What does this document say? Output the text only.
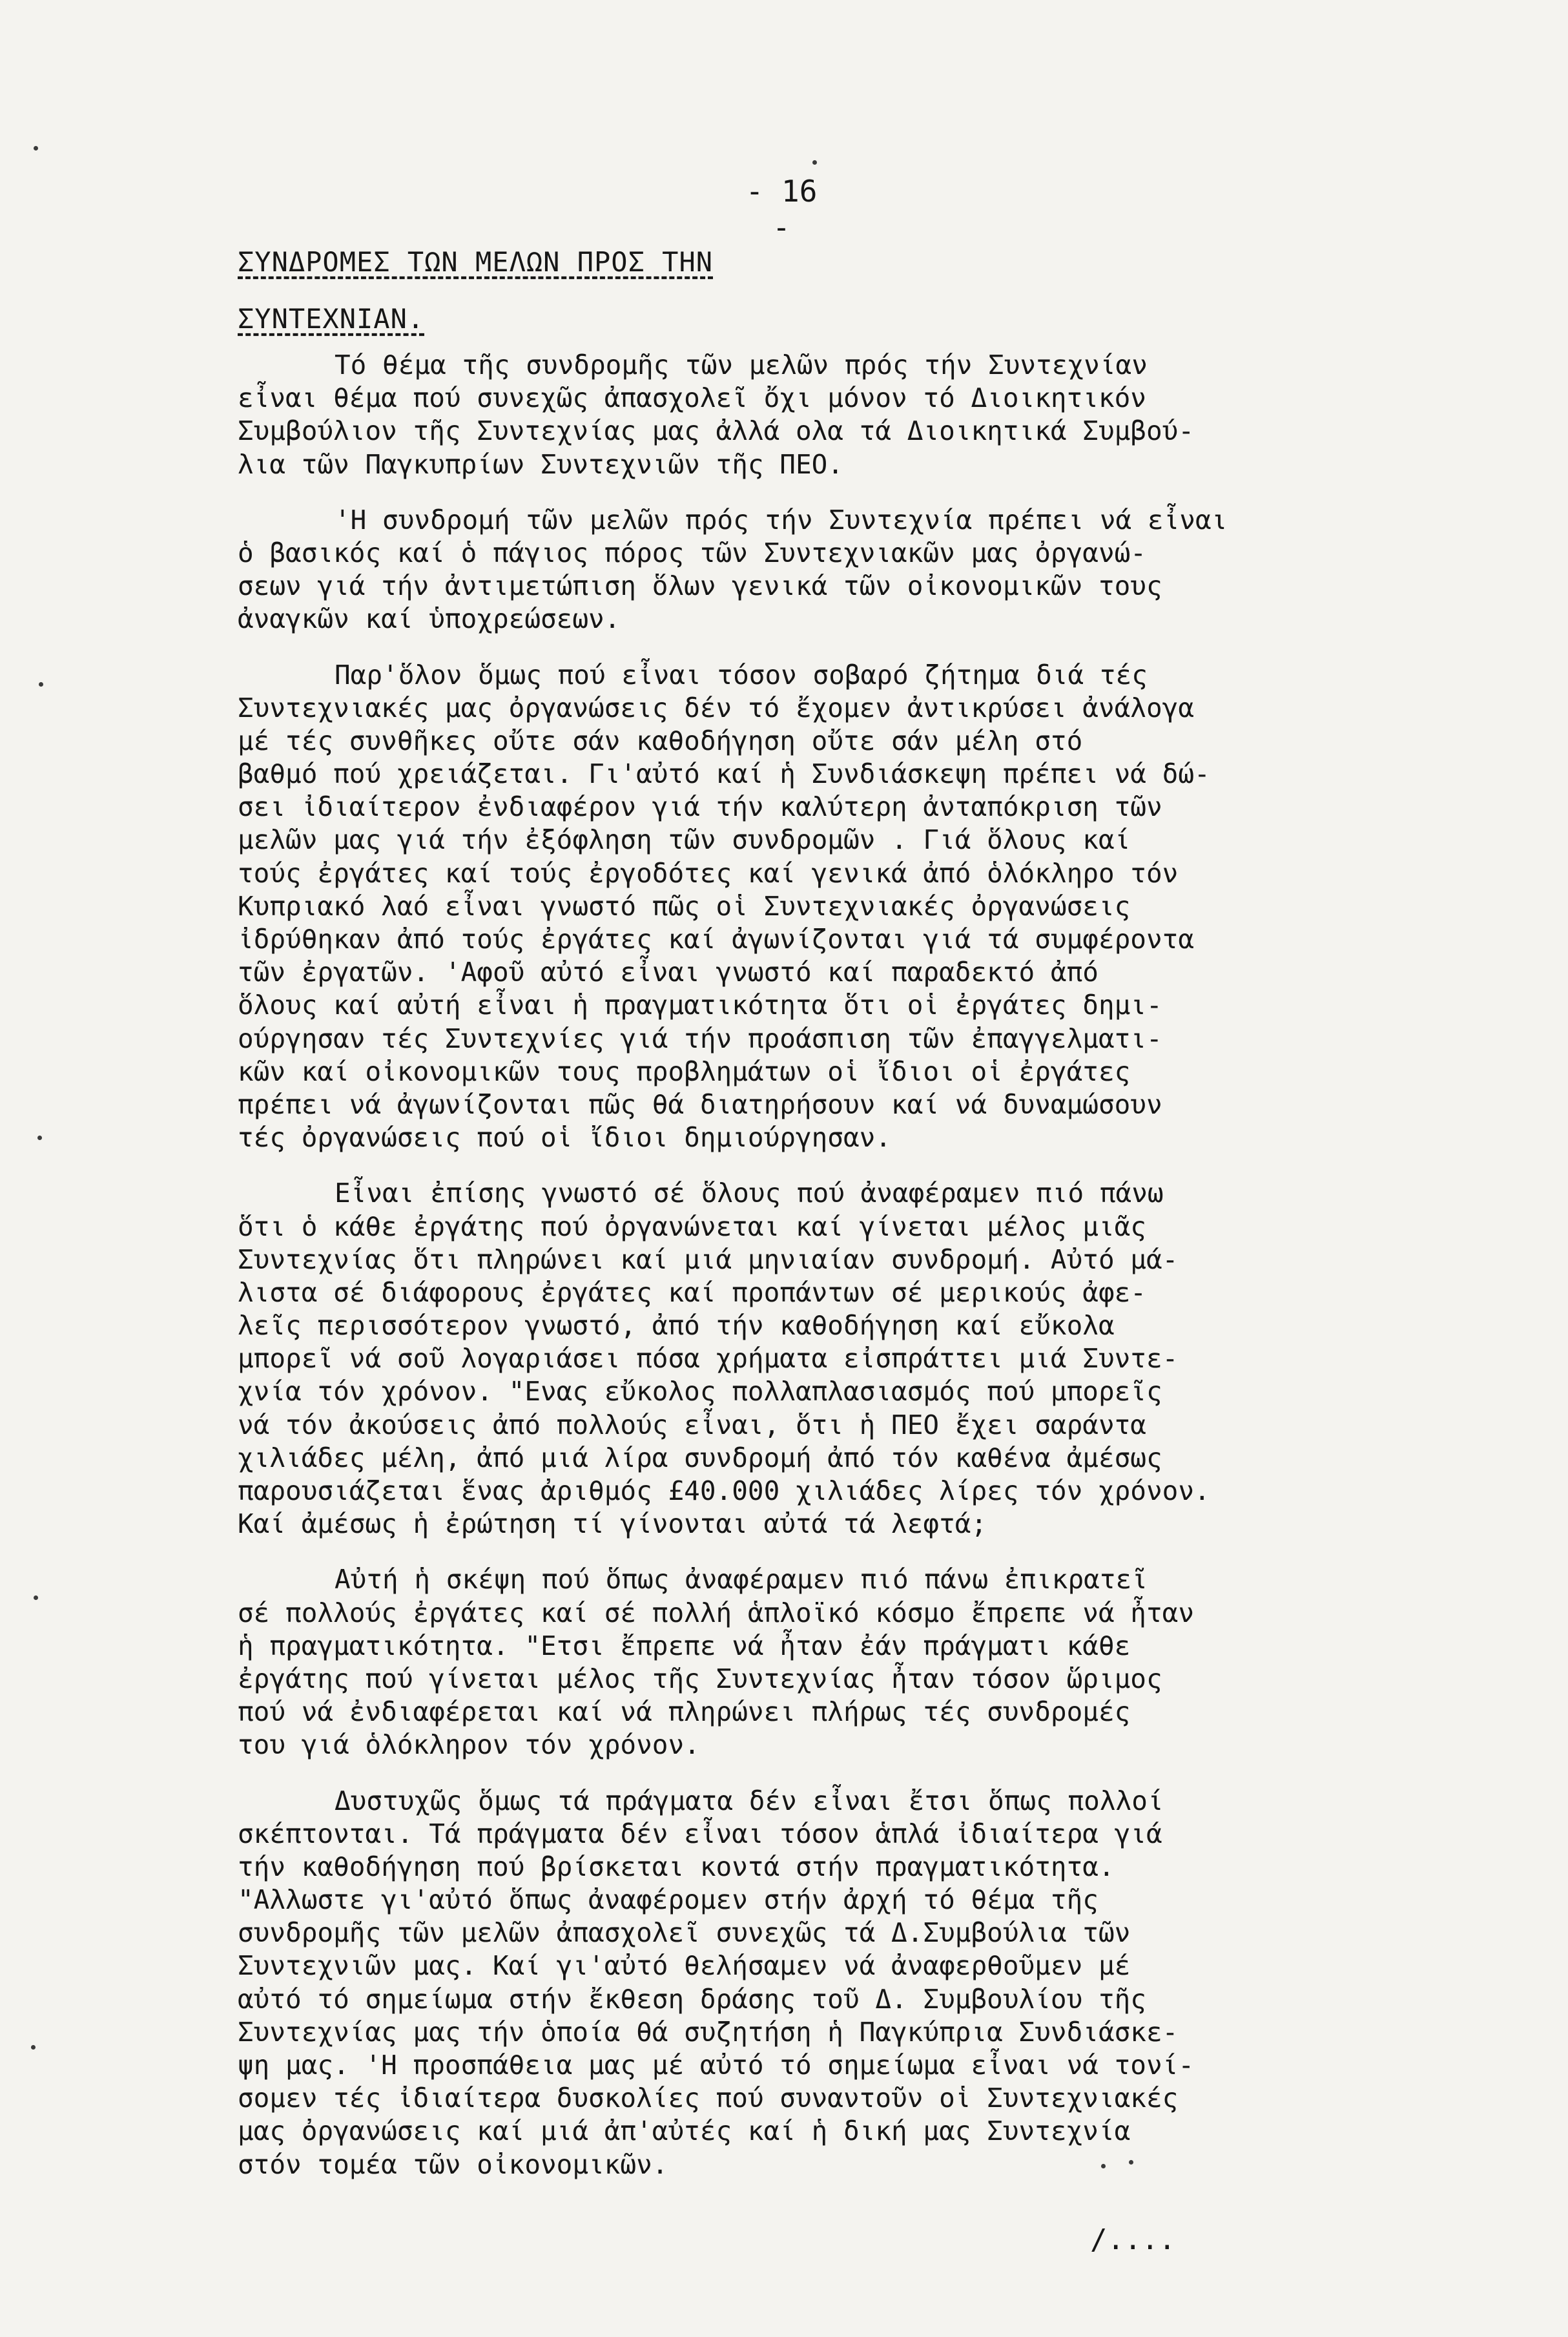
- 16 -
ΣΥΝΔΡΟΜΕΣ ΤΩΝ ΜΕΛΩΝ ΠΡΟΣ ΤΗΝ
ΣΥΝΤΕΧΝΙΑΝ.
Τό θέμα τῆς συνδρομῆς τῶν μελῶν πρός τήν Συντεχνίαν
εἶναι θέμα πού συνεχῶς ἀπασχολεῖ ὄχι μόνον τό Διοικητικόν
Συμβούλιον τῆς Συντεχνίας μας ἀλλά ολα τά Διοικητικά Συμβού-
λια τῶν Παγκυπρίων Συντεχνιῶν τῆς ΠΕΟ.
'Η συνδρομή τῶν μελῶν πρός τήν Συντεχνία πρέπει νά εἶναι
ὁ βασικός καί ὁ πάγιος πόρος τῶν Συντεχνιακῶν μας ὀργανώ-
σεων γιά τήν ἀντιμετώπιση ὅλων γενικά τῶν οἰκονομικῶν τους
ἀναγκῶν καί ὑποχρεώσεων.
Παρ'ὅλον ὅμως πού εἶναι τόσον σοβαρό ζήτημα διά τές
Συντεχνιακές μας ὀργανώσεις δέν τό ἔχομεν ἀντικρύσει ἀνάλογα
μέ τές συνθῆκες οὔτε σάν καθοδήγηση οὔτε σάν μέλη στό
βαθμό πού χρειάζεται. Γι'αὐτό καί ἡ Συνδιάσκεψη πρέπει νά δώ-
σει ἰδιαίτερον ἐνδιαφέρον γιά τήν καλύτερη ἀνταπόκριση τῶν
μελῶν μας γιά τήν ἐξόφληση τῶν συνδρομῶν . Γιά ὅλους καί
τούς ἐργάτες καί τούς ἐργοδότες καί γενικά ἀπό ὁλόκληρο τόν
Κυπριακό λαό εἶναι γνωστό πῶς οἱ Συντεχνιακές ὀργανώσεις
ἰδρύθηκαν ἀπό τούς ἐργάτες καί ἀγωνίζονται γιά τά συμφέροντα
τῶν ἐργατῶν. 'Αφοῦ αὐτό εἶναι γνωστό καί παραδεκτό ἀπό
ὅλους καί αὐτή εἶναι ἡ πραγματικότητα ὅτι οἱ ἐργάτες δημι-
ούργησαν τές Συντεχνίες γιά τήν προάσπιση τῶν ἐπαγγελματι-
κῶν καί οἰκονομικῶν τους προβλημάτων οἱ ἴδιοι οἱ ἐργάτες
πρέπει νά ἀγωνίζονται πῶς θά διατηρήσουν καί νά δυναμώσουν
τές ὀργανώσεις πού οἱ ἴδιοι δημιούργησαν.
Εἶναι ἐπίσης γνωστό σέ ὅλους πού ἀναφέραμεν πιό πάνω
ὅτι ὁ κάθε ἐργάτης πού ὀργανώνεται καί γίνεται μέλος μιᾶς
Συντεχνίας ὅτι πληρώνει καί μιά μηνιαίαν συνδρομή. Αὐτό μά-
λιστα σέ διάφορους ἐργάτες καί προπάντων σέ μερικούς ἀφε-
λεῖς περισσότερον γνωστό, ἀπό τήν καθοδήγηση καί εὔκολα
μπορεῖ νά σοῦ λογαριάσει πόσα χρήματα εἰσπράττει μιά Συντε-
χνία τόν χρόνον. "Ενας εὔκολος πολλαπλασιασμός πού μπορεῖς
νά τόν ἀκούσεις ἀπό πολλούς εἶναι, ὅτι ἡ ΠΕΟ ἔχει σαράντα
χιλιάδες μέλη, ἀπό μιά λίρα συνδρομή ἀπό τόν καθένα ἀμέσως
παρουσιάζεται ἕνας ἀριθμός £40.000 χιλιάδες λίρες τόν χρόνον.
Καί ἀμέσως ἡ ἐρώτηση τί γίνονται αὐτά τά λεφτά;
Αὐτή ἡ σκέψη πού ὅπως ἀναφέραμεν πιό πάνω ἐπικρατεῖ
σέ πολλούς ἐργάτες καί σέ πολλή ἁπλοϊκό κόσμο ἔπρεπε νά ἦταν
ἡ πραγματικότητα. "Ετσι ἔπρεπε νά ἦταν ἐάν πράγματι κάθε
ἐργάτης πού γίνεται μέλος τῆς Συντεχνίας ἦταν τόσον ὥριμος
πού νά ἐνδιαφέρεται καί νά πληρώνει πλήρως τές συνδρομές
του γιά ὁλόκληρον τόν χρόνον.
Δυστυχῶς ὅμως τά πράγματα δέν εἶναι ἔτσι ὅπως πολλοί
σκέπτονται. Τά πράγματα δέν εἶναι τόσον ἁπλά ἰδιαίτερα γιά
τήν καθοδήγηση πού βρίσκεται κοντά στήν πραγματικότητα.
"Αλλωστε γι'αὐτό ὅπως ἀναφέρομεν στήν ἀρχή τό θέμα τῆς
συνδρομῆς τῶν μελῶν ἀπασχολεῖ συνεχῶς τά Δ.Συμβούλια τῶν
Συντεχνιῶν μας. Καί γι'αὐτό θελήσαμεν νά ἀναφερθοῦμεν μέ
αὐτό τό σημείωμα στήν ἔκθεση δράσης τοῦ Δ. Συμβουλίου τῆς
Συντεχνίας μας τήν ὁποία θά συζητήση ἡ Παγκύπρια Συνδιάσκε-
ψη μας. 'Η προσπάθεια μας μέ αὐτό τό σημείωμα εἶναι νά τονί-
σομεν τές ἰδιαίτερα δυσκολίες πού συναντοῦν οἱ Συντεχνιακές
μας ὀργανώσεις καί μιά ἀπ'αὐτές καί ἡ δική μας Συντεχνία
στόν τομέα τῶν οἰκονομικῶν.
/....
